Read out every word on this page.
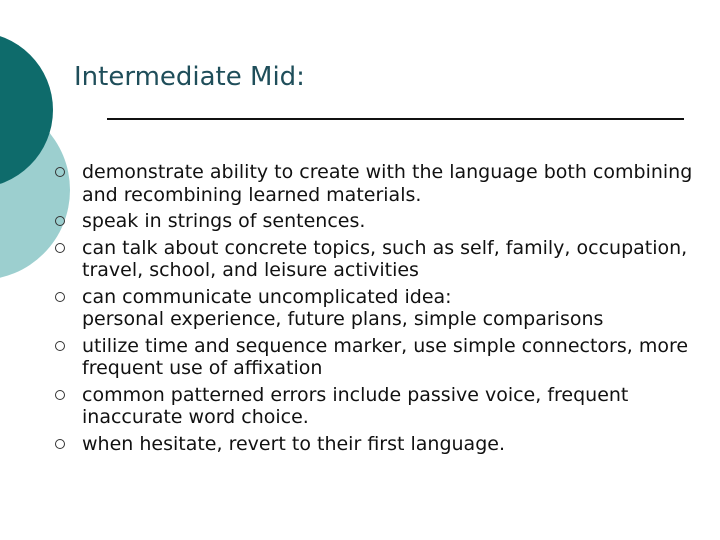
Intermediate Mid:
demonstrate ability to create with the language both combining and recombining learned materials.
speak in strings of sentences.
can talk about concrete topics, such as self, family, occupation, travel, school, and leisure activities
can communicate uncomplicated idea:
personal experience, future plans, simple comparisons
utilize time and sequence marker, use simple connectors, more frequent use of affixation
common patterned errors include passive voice, frequent inaccurate word choice.
when hesitate, revert to their first language.
